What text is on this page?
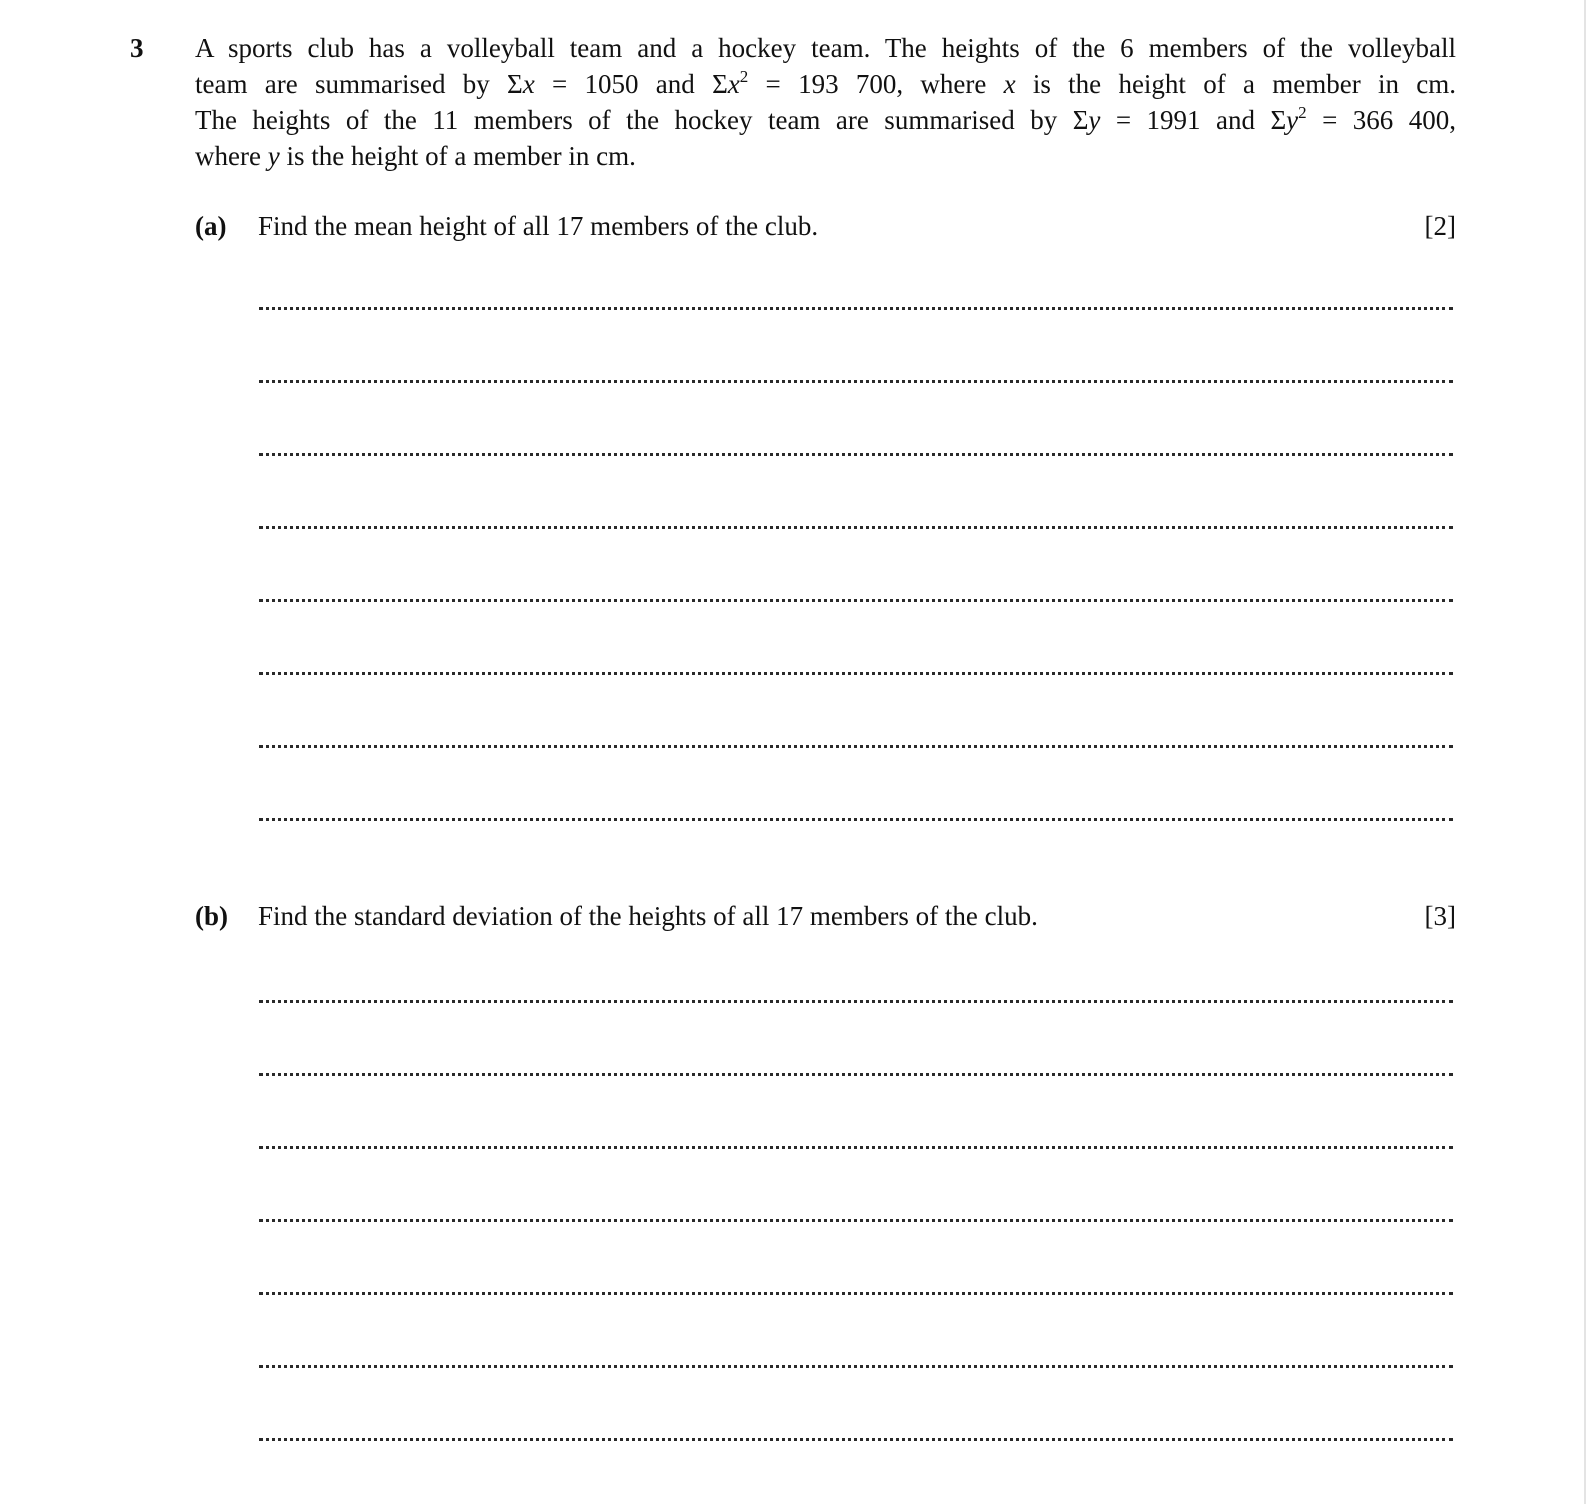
3 A sports club has a volleyball team and a hockey team. The heights of the 6 members of the volleyball
team are summarised by Σx = 1050 and $\Sigma x^2 = 193$ 700, where x is the height of a member in cm.
The heights of the 11 members of the hockey team are summarised by Σy = 1991 and $\Sigma y^2 = 366$ 400,
where y is the height of a member in cm.
(a) Find the mean height of all 17 members of the club.	[2]
(b) Find the standard deviation of the heights of all 17 members of the club.	[3]
